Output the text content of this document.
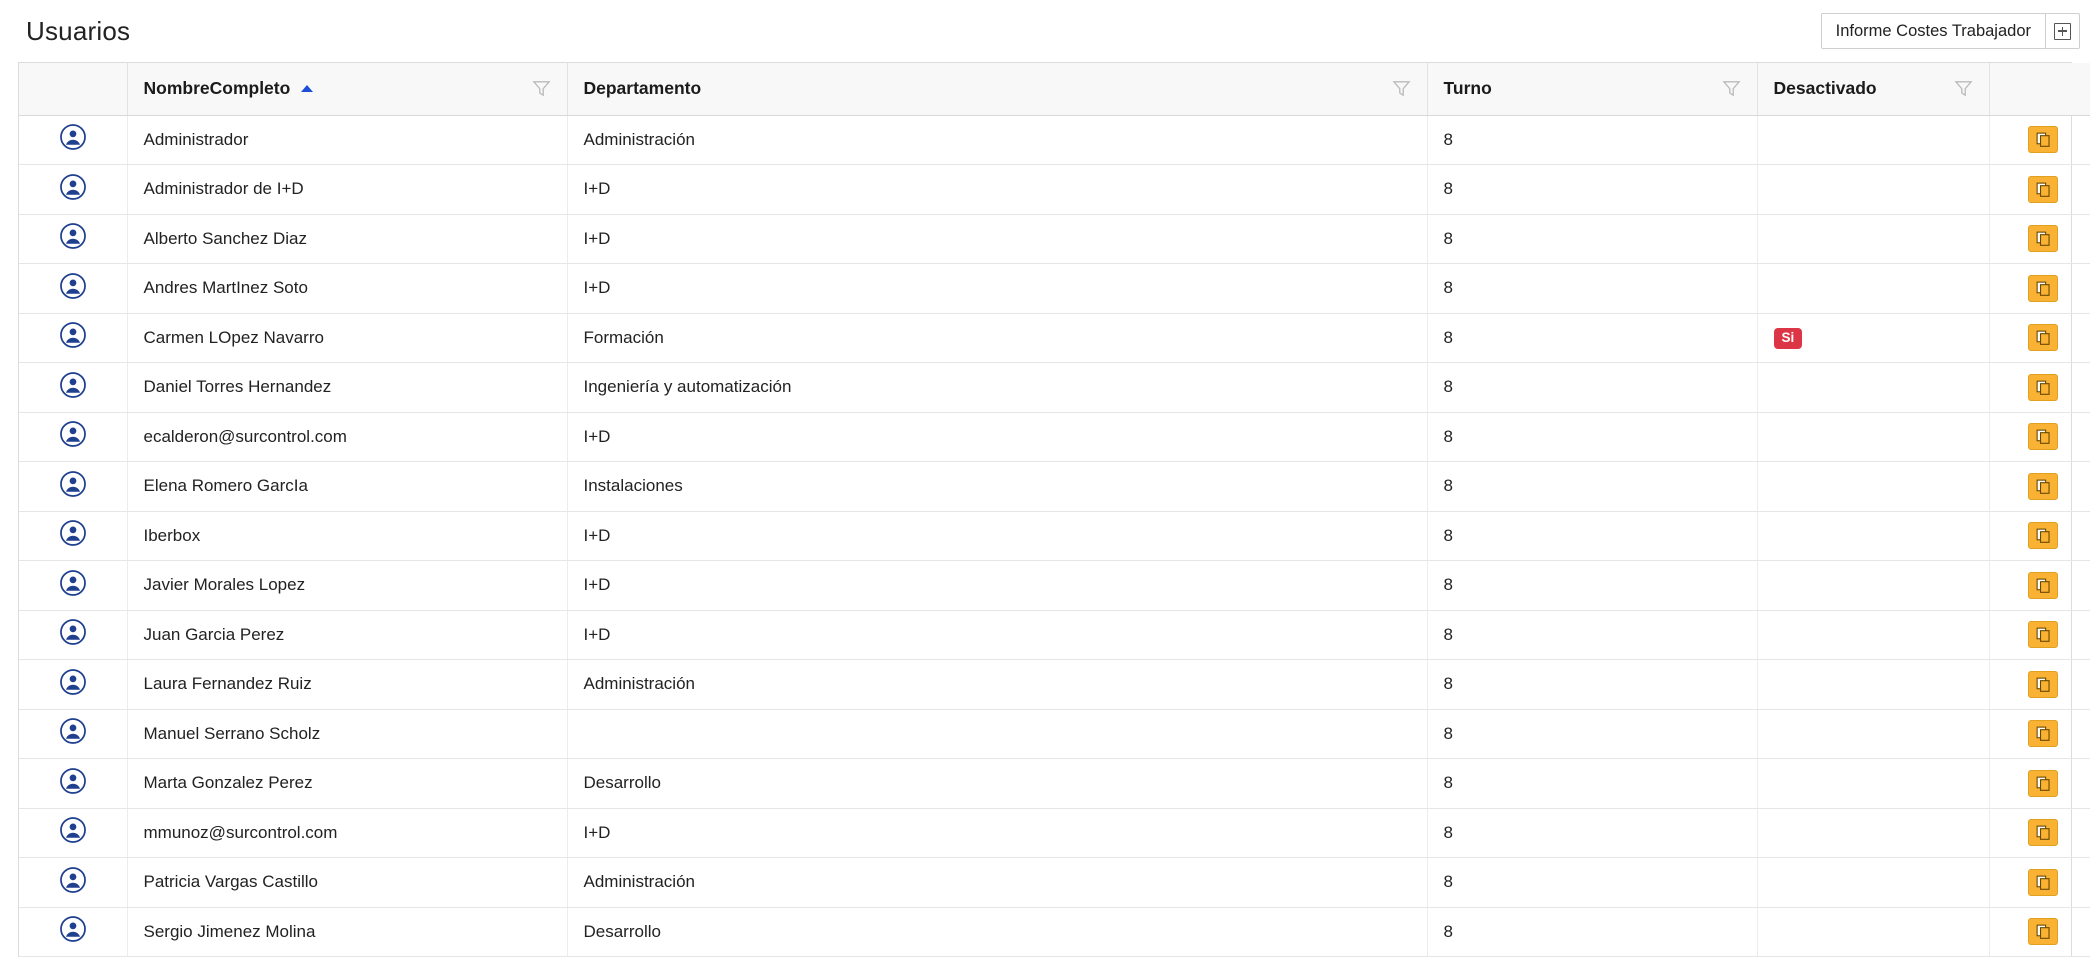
Usuarios	Informe Costes Trabajador

	NombreCompleto	Departamento	Turno	Desactivado	

	Administrador	Administración	8		

	Administrador de I+D	I+D	8		

	Alberto Sanchez Diaz	I+D	8		

	Andres MartInez Soto	I+D	8		

	Carmen LOpez Navarro	Formación	8	Si	

	Daniel Torres Hernandez	Ingeniería y automatización	8		

	ecalderon@surcontrol.com	I+D	8		

	Elena Romero GarcIa	Instalaciones	8		

	Iberbox	I+D	8		

	Javier Morales Lopez	I+D	8		

	Juan Garcia Perez	I+D	8		

	Laura Fernandez Ruiz	Administración	8		

	Manuel Serrano Scholz		8		

	Marta Gonzalez Perez	Desarrollo	8		

	mmunoz@surcontrol.com	I+D	8		

	Patricia Vargas Castillo	Administración	8		

	Sergio Jimenez Molina	Desarrollo	8		
